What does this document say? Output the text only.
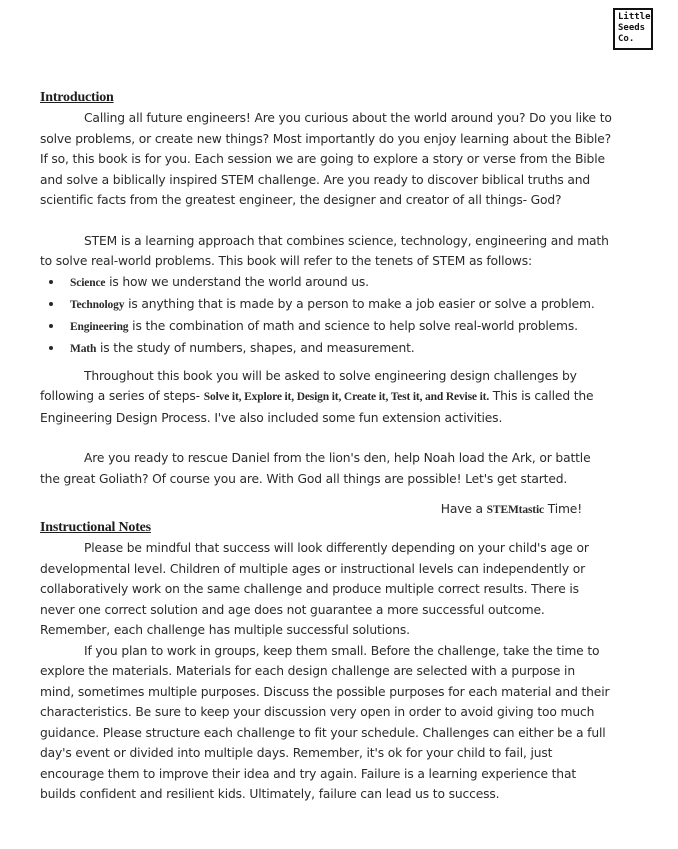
Little
Seeds
Co.
Introduction

Calling all future engineers! Are you curious about the world around you? Do you like to solve problems, or create new things? Most importantly do you enjoy learning about the Bible? If so, this book is for you. Each session we are going to explore a story or verse from the Bible and solve a biblically inspired STEM challenge. Are you ready to discover biblical truths and scientific facts from the greatest engineer, the designer and creator of all things- God?

STEM is a learning approach that combines science, technology, engineering and math to solve real-world problems. This book will refer to the tenets of STEM as follows:

• Science is how we understand the world around us.
• Technology is anything that is made by a person to make a job easier or solve a problem.
• Engineering is the combination of math and science to help solve real-world problems.
• Math is the study of numbers, shapes, and measurement.

Throughout this book you will be asked to solve engineering design challenges by following a series of steps- Solve it, Explore it, Design it, Create it, Test it, and Revise it. This is called the Engineering Design Process. I've also included some fun extension activities.

Are you ready to rescue Daniel from the lion's den, help Noah load the Ark, or battle the great Goliath? Of course you are. With God all things are possible! Let's get started.

Have a STEMtastic Time!

Instructional Notes

Please be mindful that success will look differently depending on your child's age or developmental level. Children of multiple ages or instructional levels can independently or collaboratively work on the same challenge and produce multiple correct results. There is never one correct solution and age does not guarantee a more successful outcome. Remember, each challenge has multiple successful solutions.

If you plan to work in groups, keep them small. Before the challenge, take the time to explore the materials. Materials for each design challenge are selected with a purpose in mind, sometimes multiple purposes. Discuss the possible purposes for each material and their characteristics. Be sure to keep your discussion very open in order to avoid giving too much guidance. Please structure each challenge to fit your schedule. Challenges can either be a full day's event or divided into multiple days. Remember, it's ok for your child to fail, just encourage them to improve their idea and try again. Failure is a learning experience that builds confident and resilient kids. Ultimately, failure can lead us to success.
